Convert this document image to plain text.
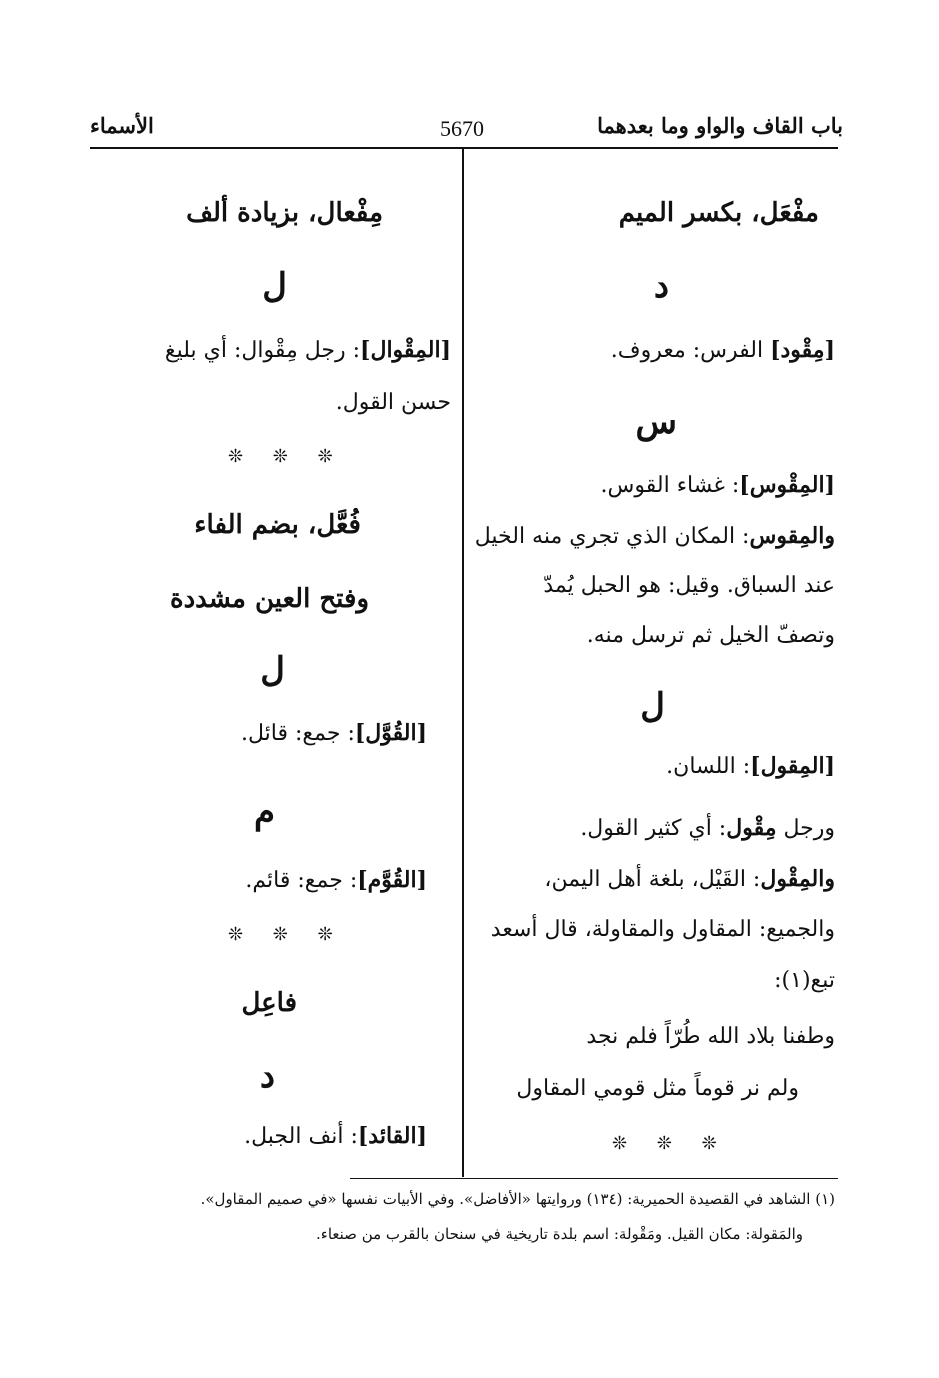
باب القاف والواو وما بعدهما
5670
الأسماء
مفْعَل، بكسر الميم
د
[مِقْود] الفرس: معروف.
س
[المِقْوس]: غشاء القوس.
والمِقوس: المكان الذي تجري منه الخيل
عند السباق. وقيل: هو الحبل يُمدّ
وتصفّ الخيل ثم ترسل منه.
ل
[المِقول]: اللسان.
ورجل مِقْول: أي كثير القول.
والمِقْول: القَيْل، بلغة أهل اليمن،
والجميع: المقاول والمقاولة، قال أسعد
تبع(١):
وطفنا بلاد الله طُرّاً فلم نجد
ولم نر قوماً مثل قومي المقاول
❊ ❊ ❊
مِفْعال، بزيادة ألف
ل
[المِقْوال]: رجل مِقْوال: أي بليغ
حسن القول.
❊ ❊ ❊
فُعَّل، بضم الفاء
وفتح العين مشددة
ل
[القُوَّل]: جمع: قائل.
م
[القُوَّم]: جمع: قائم.
❊ ❊ ❊
فاعِل
د
[القائد]: أنف الجبل.
(١) الشاهد في القصيدة الحميرية: (١٣٤) وروايتها «الأفاضل». وفي الأبيات نفسها «في صميم المقاول».
والمَقولة: مكان القيل. ومَقْولة: اسم بلدة تاريخية في سنحان بالقرب من صنعاء.
